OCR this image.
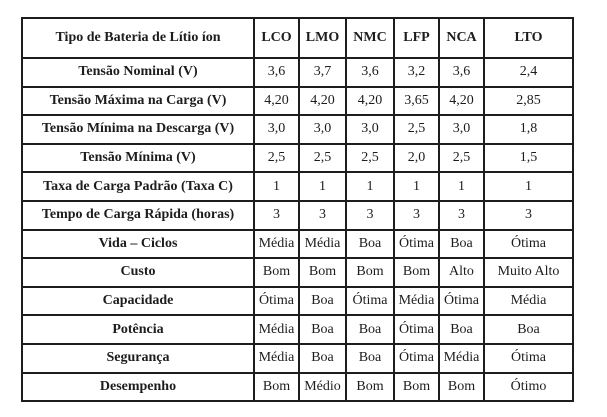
Tipo de Bateria de Lítio íon	LCO	LMO	NMC	LFP	NCA	LTO
Tensão Nominal (V)	3,6	3,7	3,6	3,2	3,6	2,4
Tensão Máxima na Carga (V)	4,20	4,20	4,20	3,65	4,20	2,85
Tensão Mínima na Descarga (V)	3,0	3,0	3,0	2,5	3,0	1,8
Tensão Mínima (V)	2,5	2,5	2,5	2,0	2,5	1,5
Taxa de Carga Padrão (Taxa C)	1	1	1	1	1	1
Tempo de Carga Rápida (horas)	3	3	3	3	3	3
Vida – Ciclos	Média	Média	Boa	Ótima	Boa	Ótima
Custo	Bom	Bom	Bom	Bom	Alto	Muito Alto
Capacidade	Ótima	Boa	Ótima	Média	Ótima	Média
Potência	Média	Boa	Boa	Ótima	Boa	Boa
Segurança	Média	Boa	Boa	Ótima	Média	Ótima
Desempenho	Bom	Médio	Bom	Bom	Bom	Ótimo
